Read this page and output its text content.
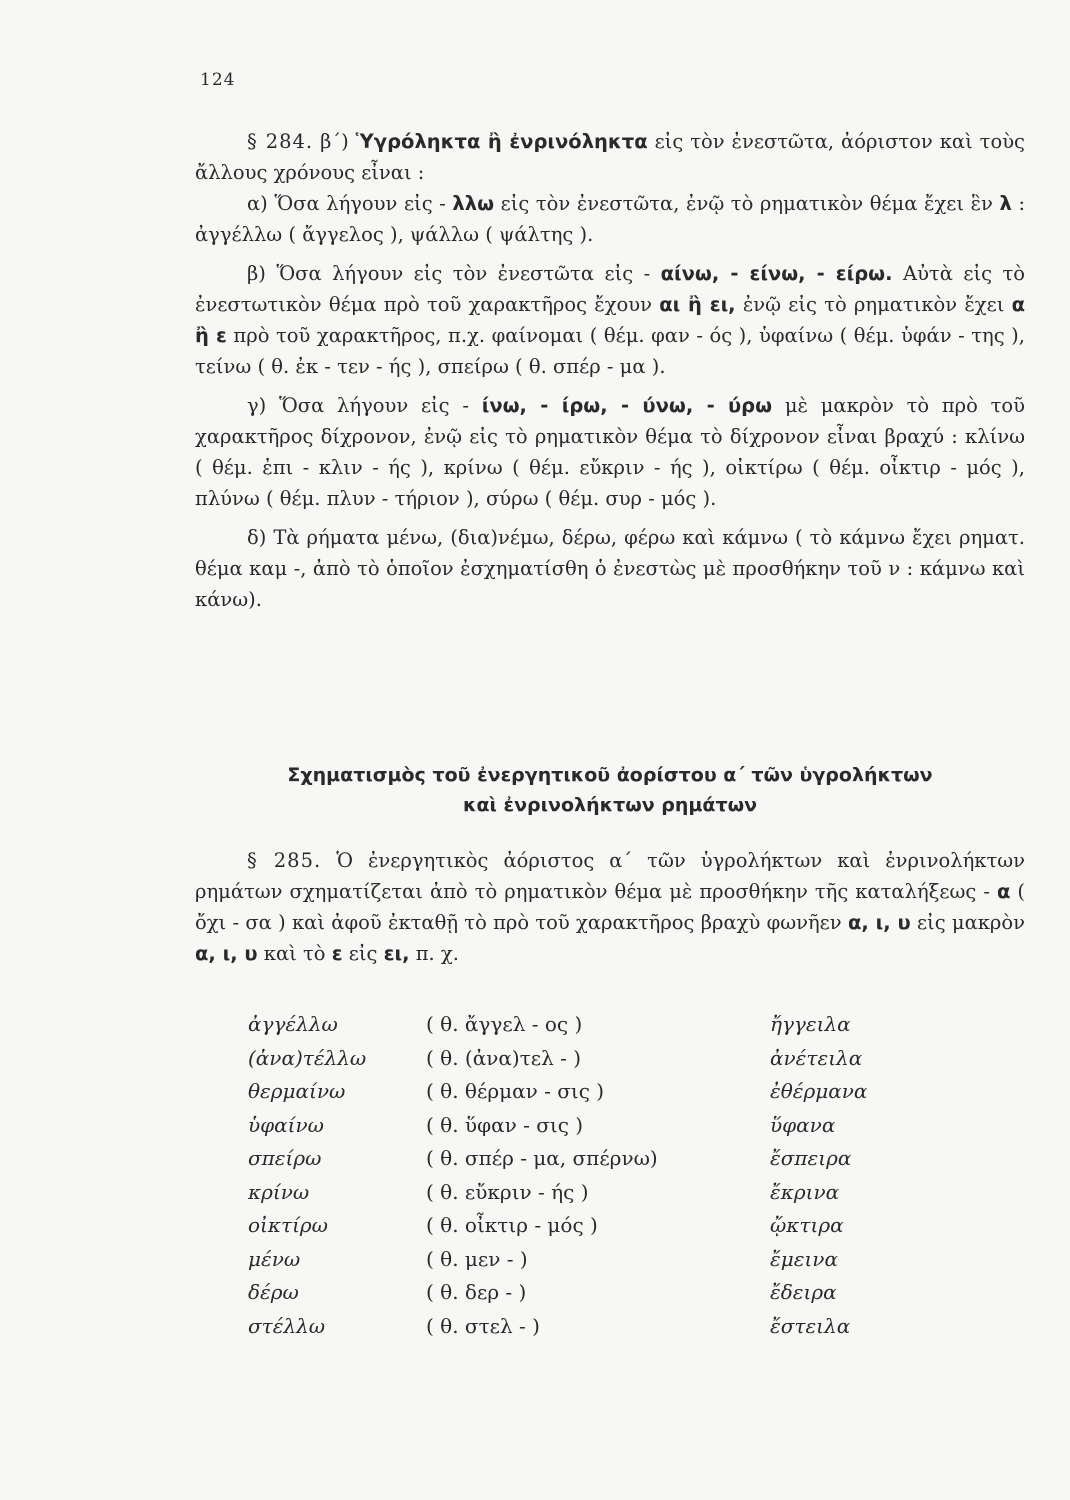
124

§ 284. β΄) Ὑγρόληκτα ἢ ἐνρινόληκτα εἰς τὸν ἐνεστῶτα, ἀόριστον καὶ τοὺς ἄλλους χρόνους εἶναι :

α) Ὅσα λήγουν εἰς - λλω εἰς τὸν ἐνεστῶτα, ἐνῷ τὸ ρηματικὸν θέμα ἔχει ἓν λ : ἀγγέλλω ( ἄγγελος ), ψάλλω ( ψάλτης ).

β) Ὅσα λήγουν εἰς τὸν ἐνεστῶτα εἰς - αίνω, - είνω, - είρω. Αὐτὰ εἰς τὸ ἐνεστωτικὸν θέμα πρὸ τοῦ χαρακτῆρος ἔχουν αι ἢ ει, ἐνῷ εἰς τὸ ρηματικὸν ἔχει α ἢ ε πρὸ τοῦ χαρακτῆρος, π.χ. φαίνομαι ( θέμ. φαν - ός ), ὑφαίνω ( θέμ. ὑφάν - της ), τείνω ( θ. ἐκ - τεν - ής ), σπείρω ( θ. σπέρ - μα ).

γ) Ὅσα λήγουν εἰς - ίνω, - ίρω, - ύνω, - ύρω μὲ μακρὸν τὸ πρὸ τοῦ χαρακτῆρος δίχρονον, ἐνῷ εἰς τὸ ρηματικὸν θέμα τὸ δίχρονον εἶναι βραχύ : κλίνω ( θέμ. ἐπι - κλιν - ής ), κρίνω ( θέμ. εὔκριν - ής ), οἰκτίρω ( θέμ. οἶκτιρ - μός ), πλύνω ( θέμ. πλυν - τήριον ), σύρω ( θέμ. συρ - μός ).

δ) Τὰ ρήματα μένω, (δια)νέμω, δέρω, φέρω καὶ κάμνω ( τὸ κάμνω ἔχει ρηματ. θέμα καμ -, ἀπὸ τὸ ὁποῖον ἐσχηματίσθη ὁ ἐνεστὼς μὲ προσθήκην τοῦ ν : κάμνω καὶ κάνω).

Σχηματισμὸς τοῦ ἐνεργητικοῦ ἀορίστου α΄ τῶν ὑγρολήκτων
καὶ ἐνρινολήκτων ρημάτων

§ 285. Ὁ ἐνεργητικὸς ἀόριστος α΄ τῶν ὑγρολήκτων καὶ ἐνρινολήκτων ρημάτων σχηματίζεται ἀπὸ τὸ ρηματικὸν θέμα μὲ προσθήκην τῆς καταλήξεως - α ( ὄχι - σα ) καὶ ἀφοῦ ἐκταθῇ τὸ πρὸ τοῦ χαρακτῆρος βραχὺ φωνῆεν α, ι, υ εἰς μακρὸν α, ι, υ καὶ τὸ ε εἰς ει, π. χ.

ἀγγέλλω	( θ. ἄγγελ - ος )	ἤγγειλα
(ἀνα)τέλλω	( θ. (ἀνα)τελ - )	ἀνέτειλα
θερμαίνω	( θ. θέρμαν - σις )	ἐθέρμανα
ὑφαίνω	( θ. ὕφαν - σις )	ὕφανα
σπείρω	( θ. σπέρ - μα, σπέρνω)	ἔσπειρα
κρίνω	( θ. εὔκριν - ής )	ἔκρινα
οἰκτίρω	( θ. οἶκτιρ - μός )	ᾤκτιρα
μένω	( θ. μεν - )	ἔμεινα
δέρω	( θ. δερ - )	ἔδειρα
στέλλω	( θ. στελ - )	ἔστειλα
